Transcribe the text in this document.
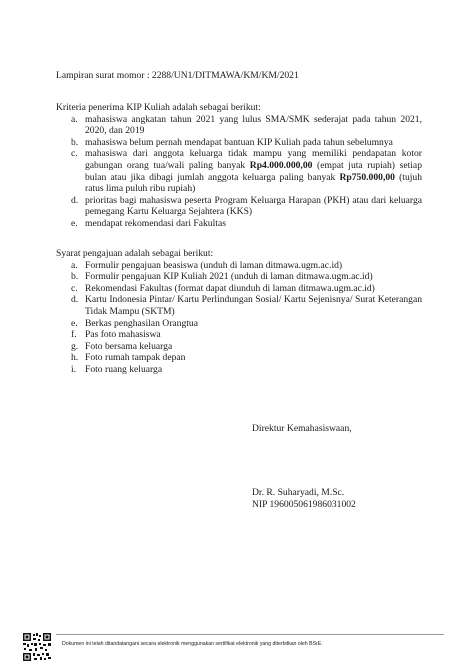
Lampiran surat momor : 2288/UN1/DITMAWA/KM/KM/2021

Kriteria penerima KIP Kuliah adalah sebagai berikut:

a. mahasiswa angkatan tahun 2021 yang lulus SMA/SMK sederajat pada tahun 2021, 2020, dan 2019
b. mahasiswa belum pernah mendapat bantuan KIP Kuliah pada tahun sebelumnya
c. mahasiswa dari anggota keluarga tidak mampu yang memiliki pendapatan kotor gabungan orang tua/wali paling banyak Rp4.000.000,00 (empat juta rupiah) setiap bulan atau jika dibagi jumlah anggota keluarga paling banyak Rp750.000,00 (tujuh ratus lima puluh ribu rupiah)
d. prioritas bagi mahasiswa peserta Program Keluarga Harapan (PKH) atau dari keluarga pemegang Kartu Keluarga Sejahtera (KKS)
e. mendapat rekomendasi dari Fakultas

Syarat pengajuan adalah sebagai berikut:

a. Formulir pengajuan beasiswa (unduh di laman ditmawa.ugm.ac.id)
b. Formulir pengajuan KIP Kuliah 2021 (unduh di laman ditmawa.ugm.ac.id)
c. Rekomendasi Fakultas (format dapat diunduh di laman ditmawa.ugm.ac.id)
d. Kartu Indonesia Pintar/ Kartu Perlindungan Sosial/ Kartu Sejenisnya/ Surat Keterangan Tidak Mampu (SKTM)
e. Berkas penghasilan Orangtua
f. Pas foto mahasiswa
g. Foto bersama keluarga
h. Foto rumah tampak depan
i. Foto ruang keluarga
Direktur Kemahasiswaan,
Dr. R. Suharyadi, M.Sc.
NIP 196005061986031002
Dokumen ini telah ditandatangani secara elektronik menggunakan sertifikat elektronik yang diterbitkan oleh BSrE.
